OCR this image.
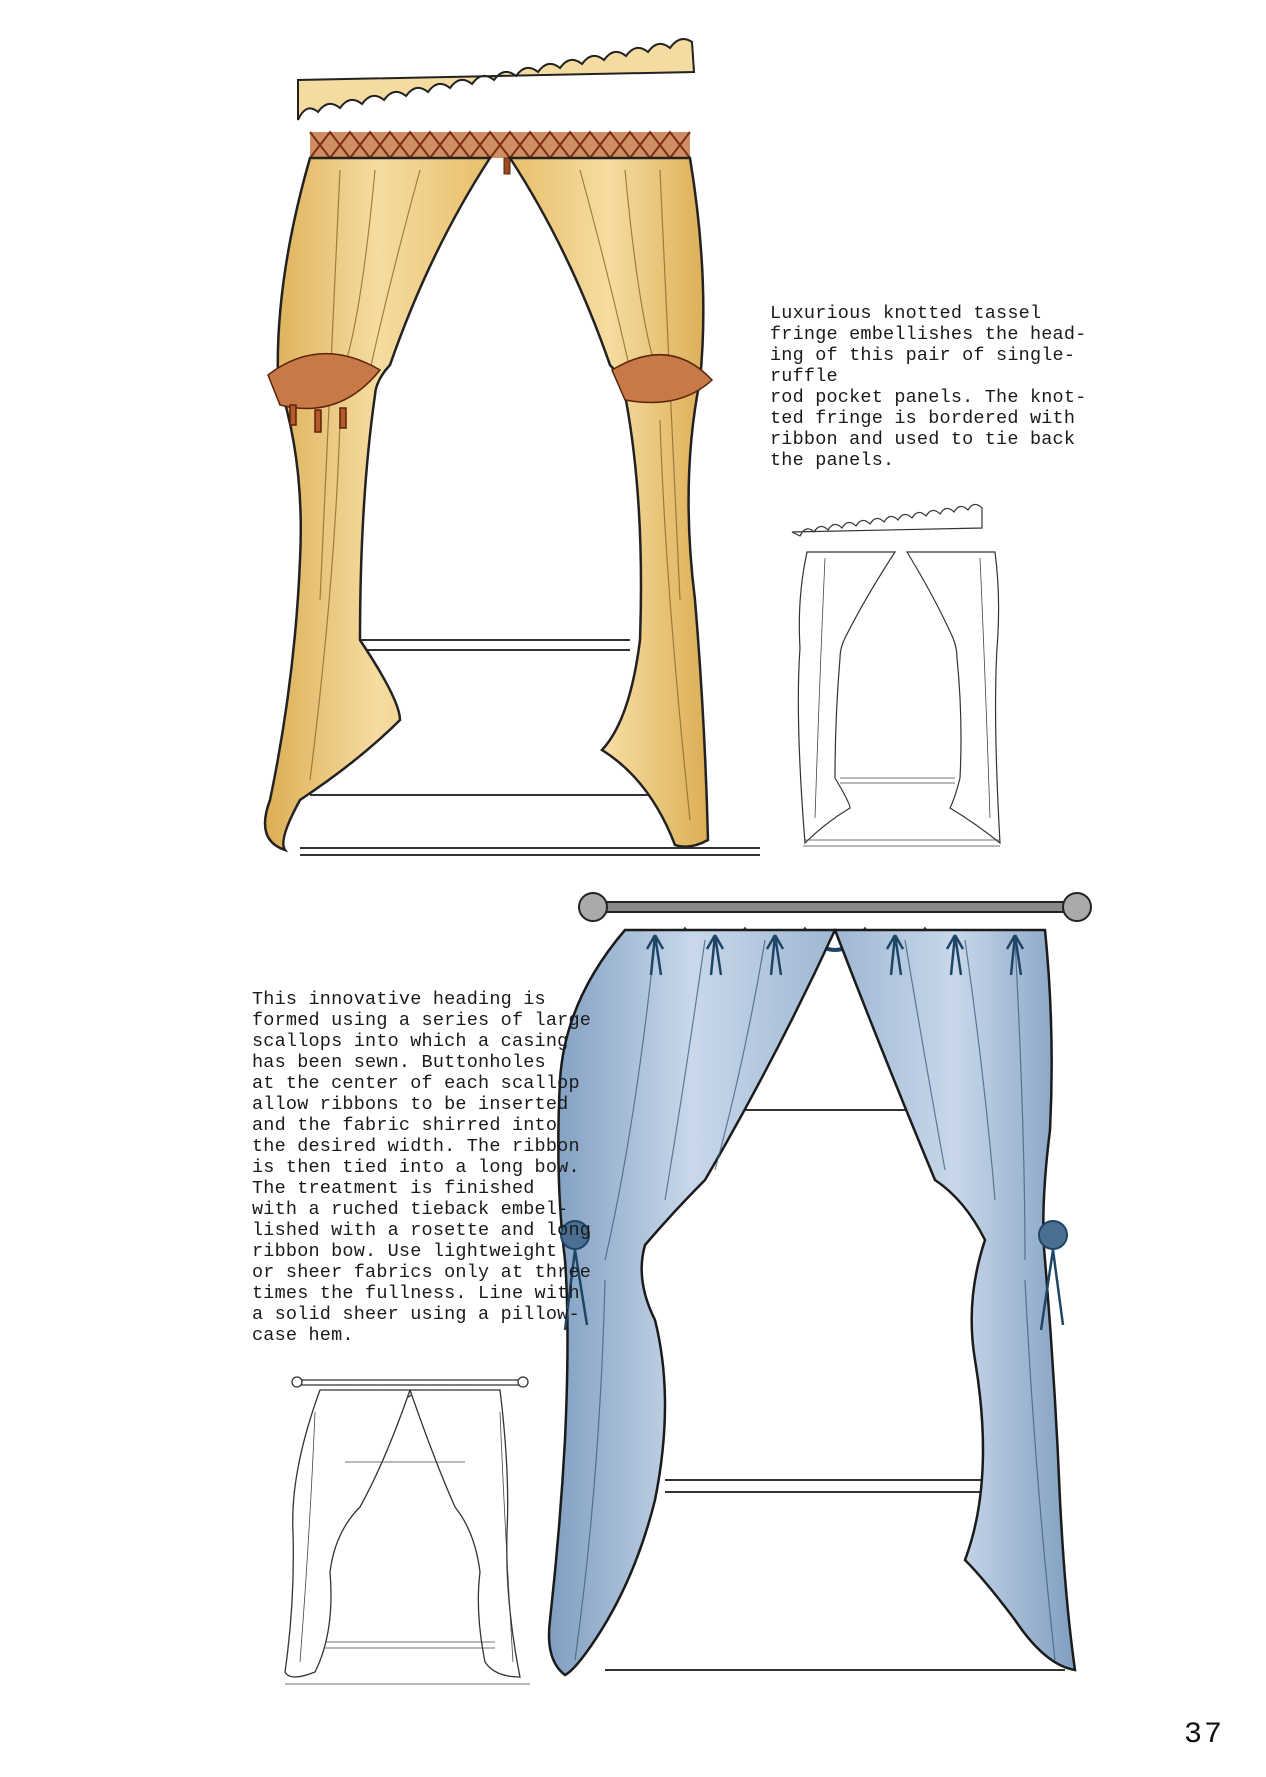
Luxurious knotted tassel
fringe embellishes the head-
ing of this pair of single-
ruffle
rod pocket panels. The knot-
ted fringe is bordered with
ribbon and used to tie back
the panels.

This innovative heading is
formed using a series of large
scallops into which a casing
has been sewn. Buttonholes
at the center of each scallop
allow ribbons to be inserted
and the fabric shirred into
the desired width. The ribbon
is then tied into a long bow.
The treatment is finished
with a ruched tieback embel-
lished with a rosette and long
ribbon bow. Use lightweight
or sheer fabrics only at three
times the fullness. Line with
a solid sheer using a pillow-
case hem.

37
